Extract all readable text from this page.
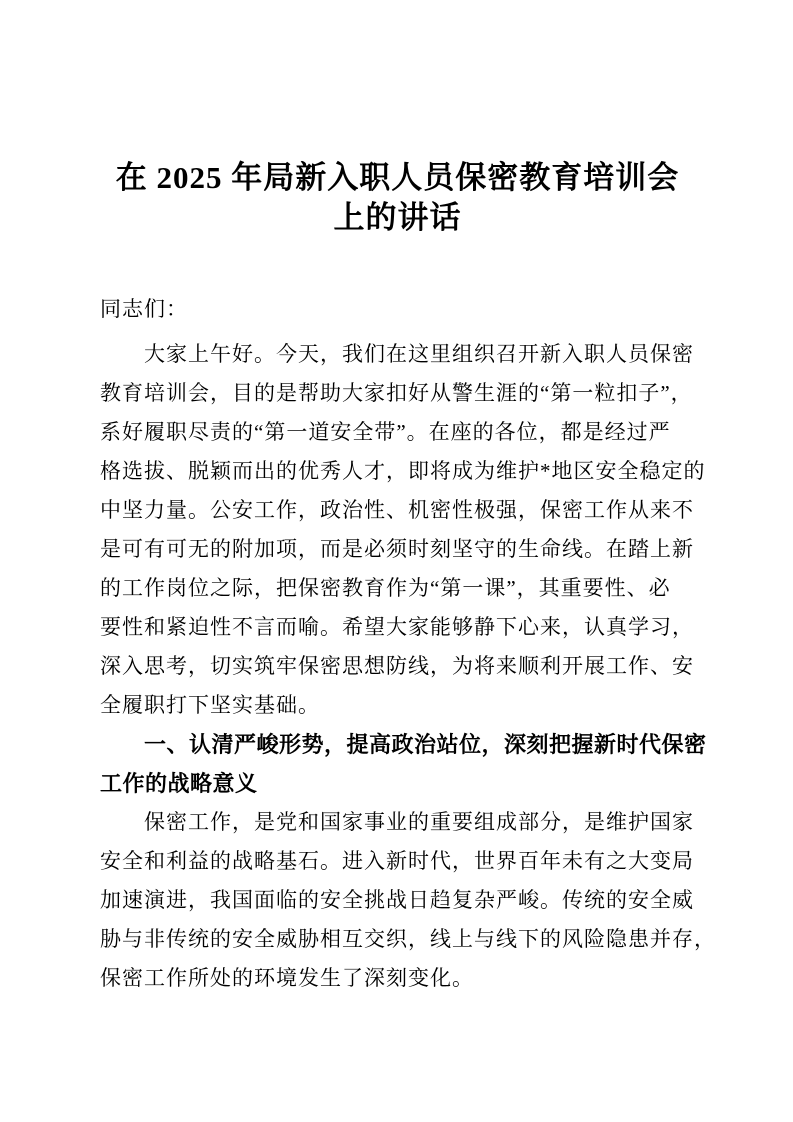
在 2025 年局新入职人员保密教育培训会
上的讲话
同志们：
大家上午好。今天，我们在这里组织召开新入职人员保密
教育培训会，目的是帮助大家扣好从警生涯的“第一粒扣子”，
系好履职尽责的“第一道安全带”。在座的各位，都是经过严
格选拔、脱颖而出的优秀人才，即将成为维护*地区安全稳定的
中坚力量。公安工作，政治性、机密性极强，保密工作从来不
是可有可无的附加项，而是必须时刻坚守的生命线。在踏上新
的工作岗位之际，把保密教育作为“第一课”，其重要性、必
要性和紧迫性不言而喻。希望大家能够静下心来，认真学习，
深入思考，切实筑牢保密思想防线，为将来顺利开展工作、安
全履职打下坚实基础。
一、认清严峻形势，提高政治站位，深刻把握新时代保密
工作的战略意义
保密工作，是党和国家事业的重要组成部分，是维护国家
安全和利益的战略基石。进入新时代，世界百年未有之大变局
加速演进，我国面临的安全挑战日趋复杂严峻。传统的安全威
胁与非传统的安全威胁相互交织，线上与线下的风险隐患并存，
保密工作所处的环境发生了深刻变化。
